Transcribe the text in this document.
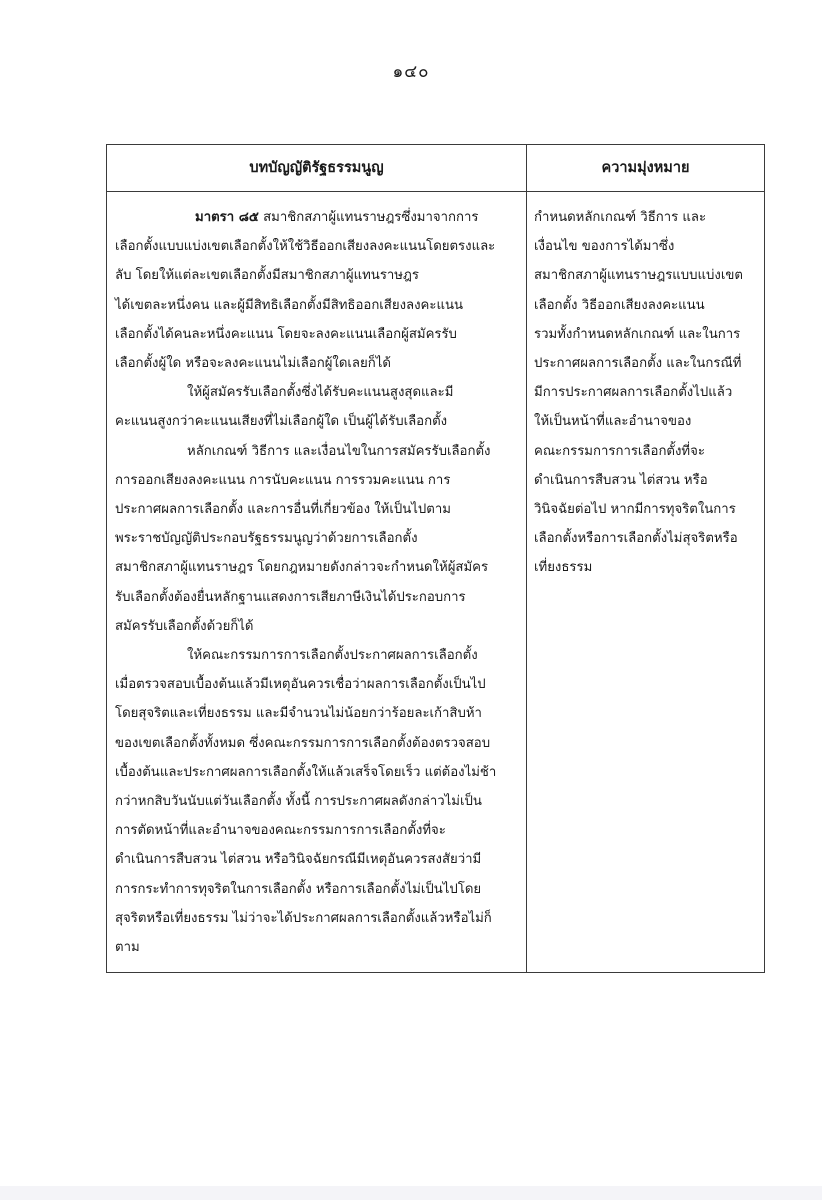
๑๔๐
บทบัญญัติรัฐธรรมนูญ	ความมุ่งหมาย
มาตรา ๘๕ สมาชิกสภาผู้แทนราษฎรซึ่งมาจากการ
เลือกตั้งแบบแบ่งเขตเลือกตั้งให้ใช้วิธีออกเสียงลงคะแนนโดยตรงและ
ลับ โดยให้แต่ละเขตเลือกตั้งมีสมาชิกสภาผู้แทนราษฎร
ได้เขตละหนึ่งคน และผู้มีสิทธิเลือกตั้งมีสิทธิออกเสียงลงคะแนน
เลือกตั้งได้คนละหนึ่งคะแนน โดยจะลงคะแนนเลือกผู้สมัครรับ
เลือกตั้งผู้ใด หรือจะลงคะแนนไม่เลือกผู้ใดเลยก็ได้
ให้ผู้สมัครรับเลือกตั้งซึ่งได้รับคะแนนสูงสุดและมี
คะแนนสูงกว่าคะแนนเสียงที่ไม่เลือกผู้ใด เป็นผู้ได้รับเลือกตั้ง
หลักเกณฑ์ วิธีการ และเงื่อนไขในการสมัครรับเลือกตั้ง
การออกเสียงลงคะแนน การนับคะแนน การรวมคะแนน การ
ประกาศผลการเลือกตั้ง และการอื่นที่เกี่ยวข้อง ให้เป็นไปตาม
พระราชบัญญัติประกอบรัฐธรรมนูญว่าด้วยการเลือกตั้ง
สมาชิกสภาผู้แทนราษฎร โดยกฎหมายดังกล่าวจะกำหนดให้ผู้สมัคร
รับเลือกตั้งต้องยื่นหลักฐานแสดงการเสียภาษีเงินได้ประกอบการ
สมัครรับเลือกตั้งด้วยก็ได้
ให้คณะกรรมการการเลือกตั้งประกาศผลการเลือกตั้ง
เมื่อตรวจสอบเบื้องต้นแล้วมีเหตุอันควรเชื่อว่าผลการเลือกตั้งเป็นไป
โดยสุจริตและเที่ยงธรรม และมีจำนวนไม่น้อยกว่าร้อยละเก้าสิบห้า
ของเขตเลือกตั้งทั้งหมด ซึ่งคณะกรรมการการเลือกตั้งต้องตรวจสอบ
เบื้องต้นและประกาศผลการเลือกตั้งให้แล้วเสร็จโดยเร็ว แต่ต้องไม่ช้า
กว่าหกสิบวันนับแต่วันเลือกตั้ง ทั้งนี้ การประกาศผลดังกล่าวไม่เป็น
การตัดหน้าที่และอำนาจของคณะกรรมการการเลือกตั้งที่จะ
ดำเนินการสืบสวน ไต่สวน หรือวินิจฉัยกรณีมีเหตุอันควรสงสัยว่ามี
การกระทำการทุจริตในการเลือกตั้ง หรือการเลือกตั้งไม่เป็นไปโดย
สุจริตหรือเที่ยงธรรม ไม่ว่าจะได้ประกาศผลการเลือกตั้งแล้วหรือไม่ก็
ตาม
กำหนดหลักเกณฑ์ วิธีการ และ
เงื่อนไข ของการได้มาซึ่ง
สมาชิกสภาผู้แทนราษฎรแบบแบ่งเขต
เลือกตั้ง วิธีออกเสียงลงคะแนน
รวมทั้งกำหนดหลักเกณฑ์ และในการ
ประกาศผลการเลือกตั้ง และในกรณีที่
มีการประกาศผลการเลือกตั้งไปแล้ว
ให้เป็นหน้าที่และอำนาจของ
คณะกรรมการการเลือกตั้งที่จะ
ดำเนินการสืบสวน ไต่สวน หรือ
วินิจฉัยต่อไป หากมีการทุจริตในการ
เลือกตั้งหรือการเลือกตั้งไม่สุจริตหรือ
เที่ยงธรรม
